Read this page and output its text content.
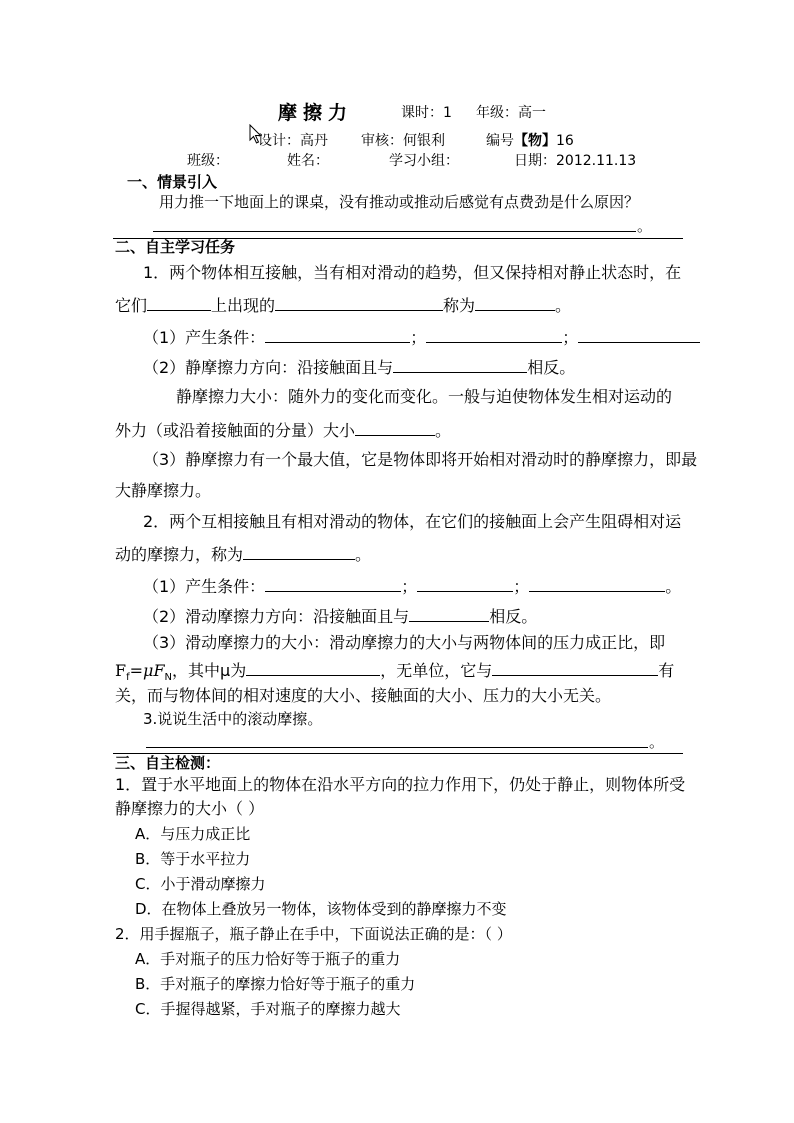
摩擦力	课时：1 年级：高一
设计：高丹 审核：何银利	编号【物】16
班级：	姓名：	学习小组：	日期：2012.11.13
一、情景引入
用力推一下地面上的课桌，没有推动或推动后感觉有点费劲是什么原因？
。
二、自主学习任务
1．两个物体相互接触，当有相对滑动的趋势，但又保持相对静止状态时，在
它们	上出现的	称为	。
（1）产生条件：	；	；
（2）静摩擦力方向：沿接触面且与	相反。
静摩擦力大小：随外力的变化而变化。一般与迫使物体发生相对运动的
外力（或沿着接触面的分量）大小	。
（3）静摩擦力有一个最大值，它是物体即将开始相对滑动时的静摩擦力，即最
大静摩擦力。
2．两个互相接触且有相对滑动的物体，在它们的接触面上会产生阻碍相对运
动的摩擦力，称为	。
（1）产生条件：	；	；	。
（2）滑动摩擦力方向：沿接触面且与	相反。
（3）滑动摩擦力的大小：滑动摩擦力的大小与两物体间的压力成正比，即
$F_f=\mu F_N$，其中μ为	，无单位，它与	有
关，而与物体间的相对速度的大小、接触面的大小、压力的大小无关。
3.说说生活中的滚动摩擦。
。
三、自主检测：
1．置于水平地面上的物体在沿水平方向的拉力作用下，仍处于静止，则物体所受
静摩擦力的大小（ ）
A．与压力成正比
B．等于水平拉力
C．小于滑动摩擦力
D．在物体上叠放另一物体，该物体受到的静摩擦力不变
2．用手握瓶子，瓶子静止在手中，下面说法正确的是：（ ）
A．手对瓶子的压力恰好等于瓶子的重力
B．手对瓶子的摩擦力恰好等于瓶子的重力
C．手握得越紧，手对瓶子的摩擦力越大
